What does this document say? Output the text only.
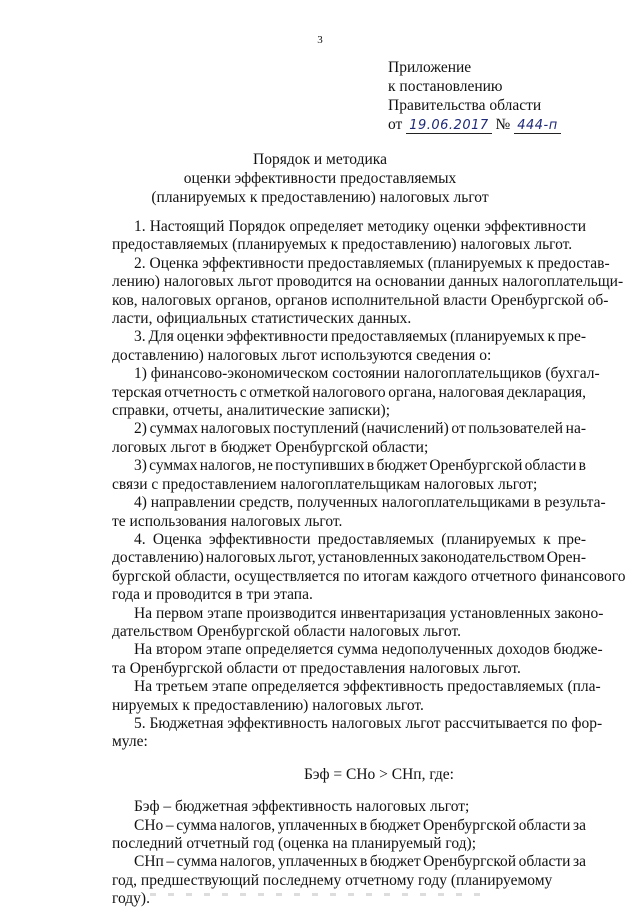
3
Приложение
к постановлению
Правительства области
от 19.06.2017 № 444-п
Порядок и методика
оценки эффективности предоставляемых
(планируемых к предоставлению) налоговых льгот
1. Настоящий Порядок определяет методику оценки эффективности
предоставляемых (планируемых к предоставлению) налоговых льгот.
2. Оценка эффективности предоставляемых (планируемых к предостав-
лению) налоговых льгот проводится на основании данных налогоплательщи-
ков, налоговых органов, органов исполнительной власти Оренбургской об-
ласти, официальных статистических данных.
3. Для оценки эффективности предоставляемых (планируемых к пре-
доставлению) налоговых льгот используются сведения о:
1) финансово-экономическом состоянии налогоплательщиков (бухгал-
терская отчетность с отметкой налогового органа, налоговая декларация,
справки, отчеты, аналитические записки);
2) суммах налоговых поступлений (начислений) от пользователей на-
логовых льгот в бюджет Оренбургской области;
3) суммах налогов, не поступивших в бюджет Оренбургской области в
связи с предоставлением налогоплательщикам налоговых льгот;
4) направлении средств, полученных налогоплательщиками в результа-
те использования налоговых льгот.
4. Оценка эффективности предоставляемых (планируемых к пре-
доставлению) налоговых льгот, установленных законодательством Орен-
бургской области, осуществляется по итогам каждого отчетного финансового
года и проводится в три этапа.
На первом этапе производится инвентаризация установленных законо-
дательством Оренбургской области налоговых льгот.
На втором этапе определяется сумма недополученных доходов бюдже-
та Оренбургской области от предоставления налоговых льгот.
На третьем этапе определяется эффективность предоставляемых (пла-
нируемых к предоставлению) налоговых льгот.
5. Бюджетная эффективность налоговых льгот рассчитывается по фор-
муле:
Бэф = СНо > СНп, где:
Бэф – бюджетная эффективность налоговых льгот;
СНо – сумма налогов, уплаченных в бюджет Оренбургской области за
последний отчетный год (оценка на планируемый год);
СНп – сумма налогов, уплаченных в бюджет Оренбургской области за
год, предшествующий последнему отчетному году (планируемому году).
